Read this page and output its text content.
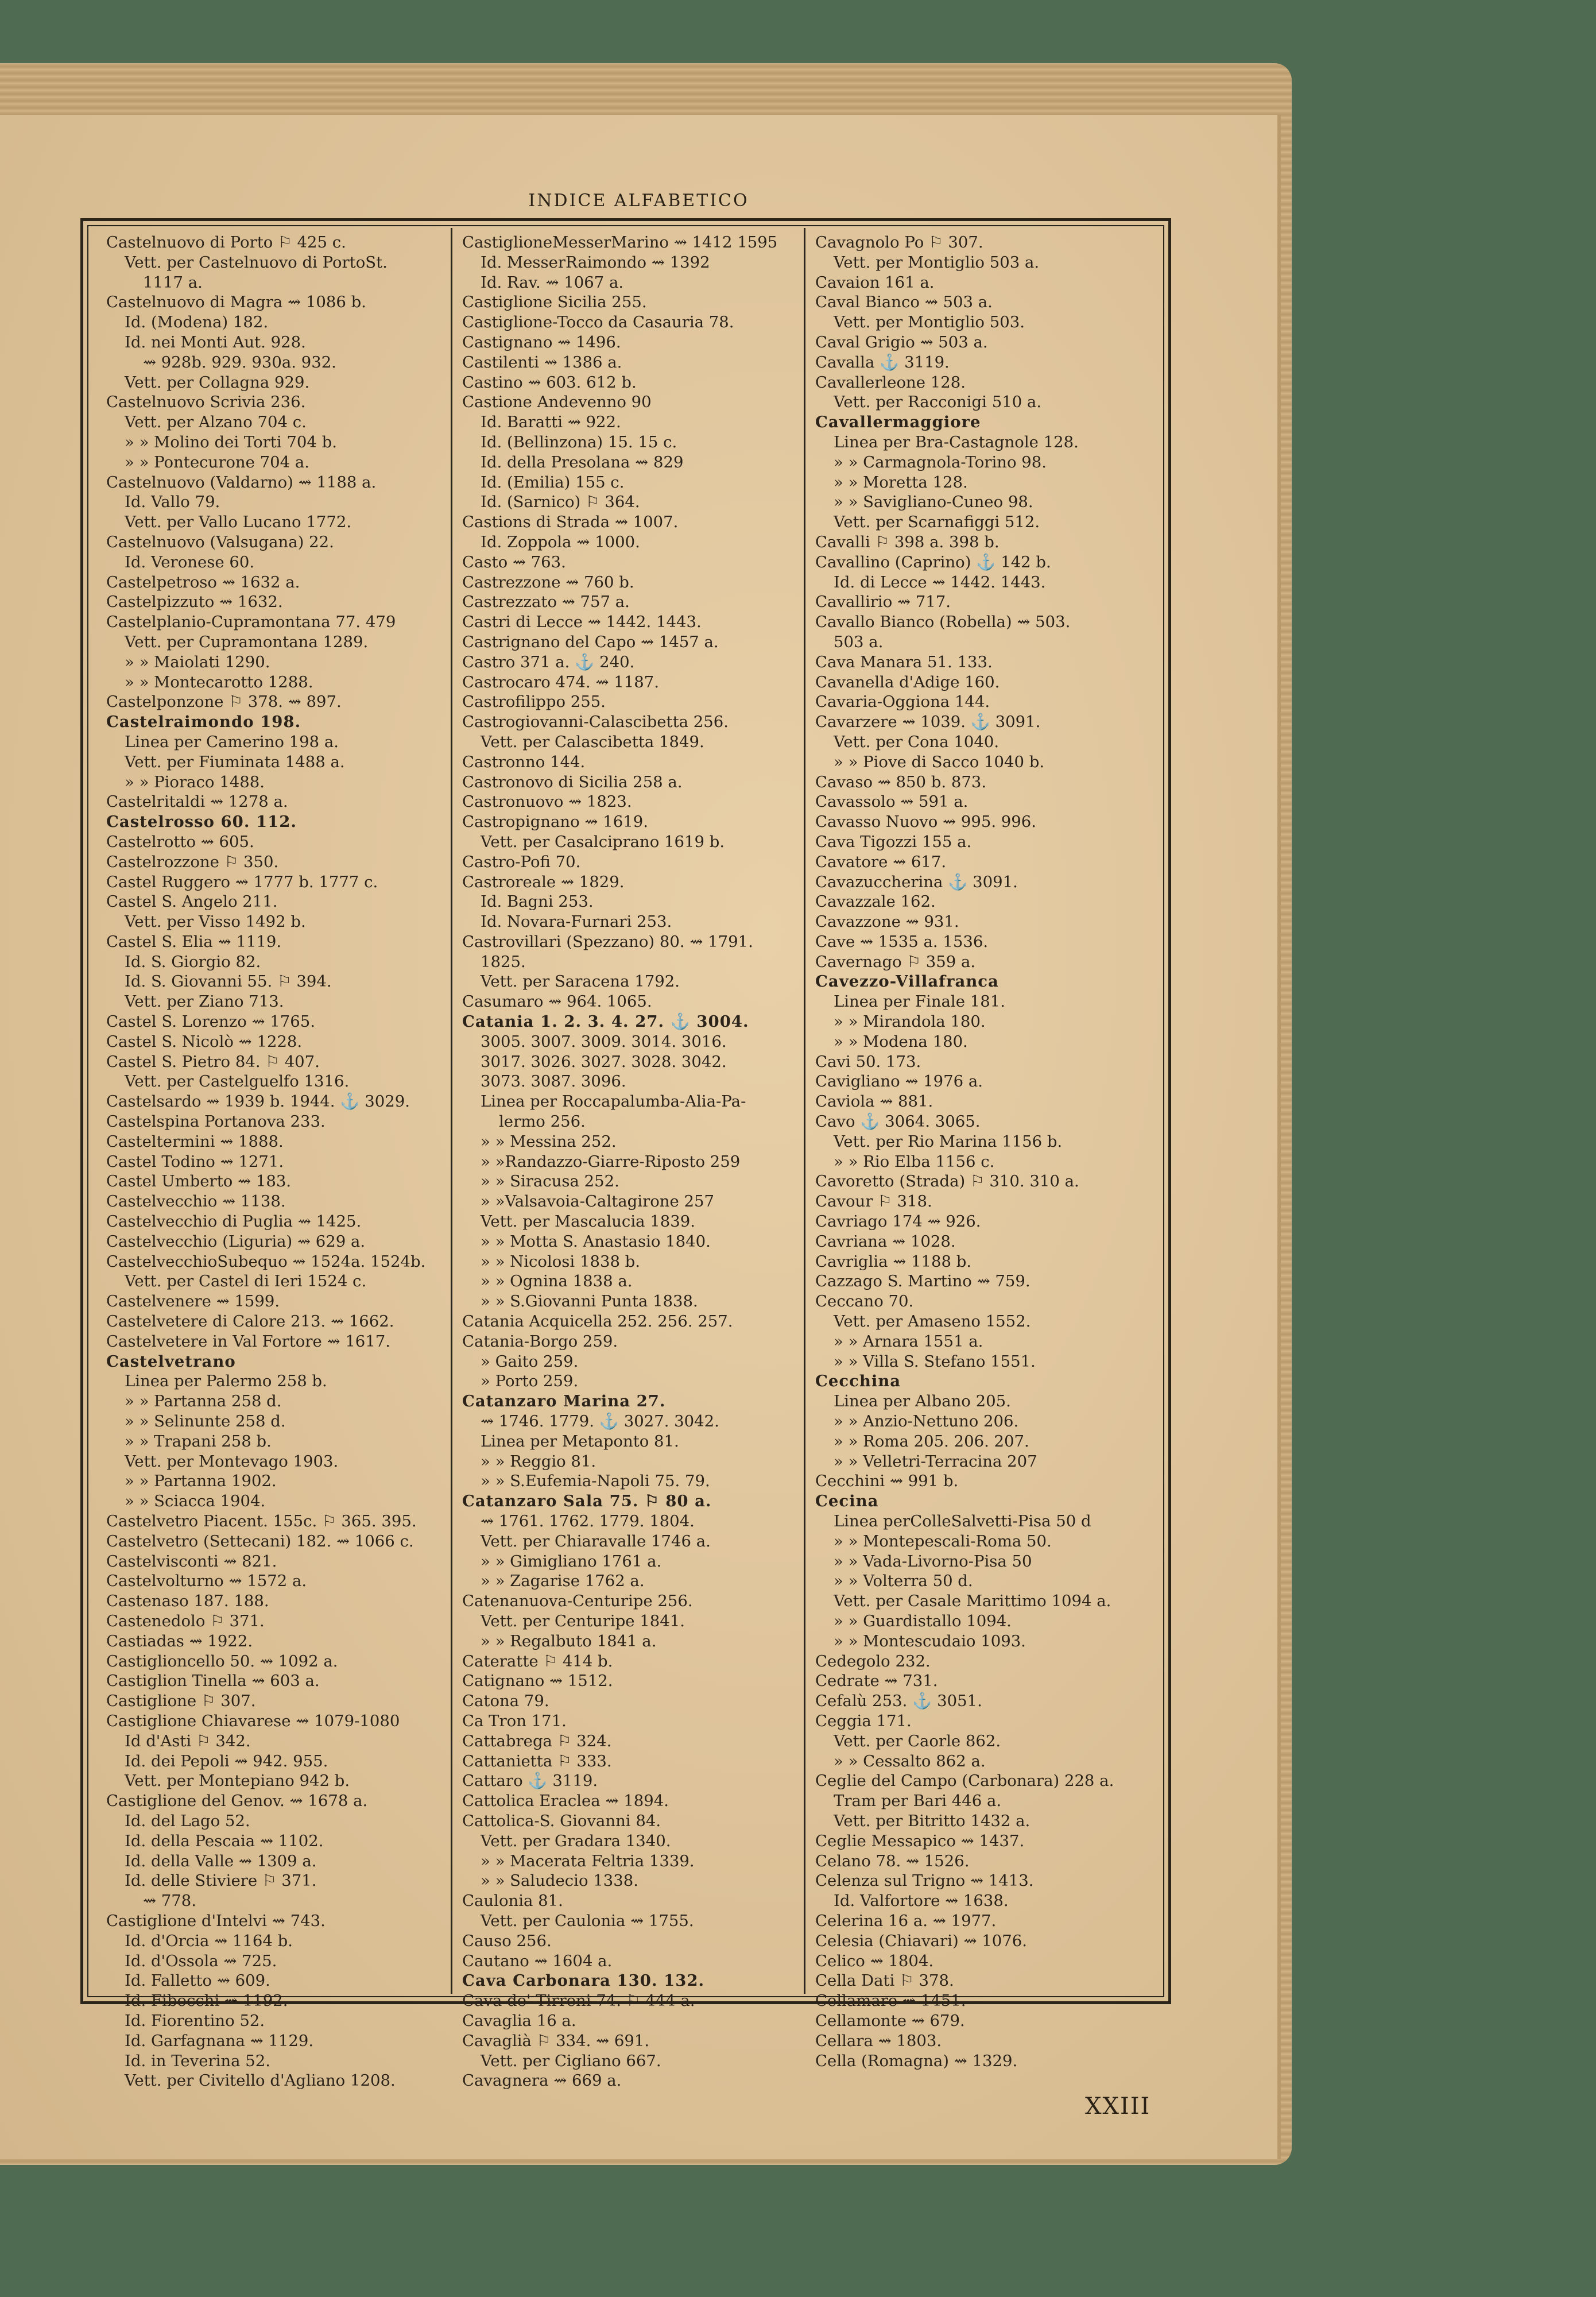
INDICE ALFABETICO
Castelnuovo di Porto ⚐ 425 c.
Vett. per Castelnuovo di PortoSt.
1117 a.
Castelnuovo di Magra ⇝ 1086 b.
Id. (Modena) 182.
Id. nei Monti Aut. 928.
⇝ 928b. 929. 930a. 932.
Vett. per Collagna 929.
Castelnuovo Scrivia 236.
Vett. per Alzano 704 c.
» » Molino dei Torti 704 b.
» » Pontecurone 704 a.
Castelnuovo (Valdarno) ⇝ 1188 a.
Id. Vallo 79.
Vett. per Vallo Lucano 1772.
Castelnuovo (Valsugana) 22.
Id. Veronese 60.
Castelpetroso ⇝ 1632 a.
Castelpizzuto ⇝ 1632.
Castelplanio-Cupramontana 77. 479
Vett. per Cupramontana 1289.
» » Maiolati 1290.
» » Montecarotto 1288.
Castelponzone ⚐ 378. ⇝ 897.
Castelraimondo 198.
Linea per Camerino 198 a.
Vett. per Fiuminata 1488 a.
» » Pioraco 1488.
Castelritaldi ⇝ 1278 a.
Castelrosso 60. 112.
Castelrotto ⇝ 605.
Castelrozzone ⚐ 350.
Castel Ruggero ⇝ 1777 b. 1777 c.
Castel S. Angelo 211.
Vett. per Visso 1492 b.
Castel S. Elia ⇝ 1119.
Id. S. Giorgio 82.
Id. S. Giovanni 55. ⚐ 394.
Vett. per Ziano 713.
Castel S. Lorenzo ⇝ 1765.
Castel S. Nicolò ⇝ 1228.
Castel S. Pietro 84. ⚐ 407.
Vett. per Castelguelfo 1316.
Castelsardo ⇝ 1939 b. 1944. ⚓ 3029.
Castelspina Portanova 233.
Casteltermini ⇝ 1888.
Castel Todino ⇝ 1271.
Castel Umberto ⇝ 183.
Castelvecchio ⇝ 1138.
Castelvecchio di Puglia ⇝ 1425.
Castelvecchio (Liguria) ⇝ 629 a.
CastelvecchioSubequo ⇝ 1524a. 1524b.
Vett. per Castel di Ieri 1524 c.
Castelvenere ⇝ 1599.
Castelvetere di Calore 213. ⇝ 1662.
Castelvetere in Val Fortore ⇝ 1617.
Castelvetrano
Linea per Palermo 258 b.
» » Partanna 258 d.
» » Selinunte 258 d.
» » Trapani 258 b.
Vett. per Montevago 1903.
» » Partanna 1902.
» » Sciacca 1904.
Castelvetro Piacent. 155c. ⚐ 365. 395.
Castelvetro (Settecani) 182. ⇝ 1066 c.
Castelvisconti ⇝ 821.
Castelvolturno ⇝ 1572 a.
Castenaso 187. 188.
Castenedolo ⚐ 371.
Castiadas ⇝ 1922.
Castiglioncello 50. ⇝ 1092 a.
Castiglion Tinella ⇝ 603 a.
Castiglione ⚐ 307.
Castiglione Chiavarese ⇝ 1079-1080
Id d'Asti ⚐ 342.
Id. dei Pepoli ⇝ 942. 955.
Vett. per Montepiano 942 b.
Castiglione del Genov. ⇝ 1678 a.
Id. del Lago 52.
Id. della Pescaia ⇝ 1102.
Id. della Valle ⇝ 1309 a.
Id. delle Stiviere ⚐ 371.
⇝ 778.
Castiglione d'Intelvi ⇝ 743.
Id. d'Orcia ⇝ 1164 b.
Id. d'Ossola ⇝ 725.
Id. Falletto ⇝ 609.
Id. Fibocchi ⇝ 1192.
Id. Fiorentino 52.
Id. Garfagnana ⇝ 1129.
Id. in Teverina 52.
Vett. per Civitello d'Agliano 1208.
CastiglioneMesserMarino ⇝ 1412 1595
Id. MesserRaimondo ⇝ 1392
Id. Rav. ⇝ 1067 a.
Castiglione Sicilia 255.
Castiglione-Tocco da Casauria 78.
Castignano ⇝ 1496.
Castilenti ⇝ 1386 a.
Castino ⇝ 603. 612 b.
Castione Andevenno 90
Id. Baratti ⇝ 922.
Id. (Bellinzona) 15. 15 c.
Id. della Presolana ⇝ 829
Id. (Emilia) 155 c.
Id. (Sarnico) ⚐ 364.
Castions di Strada ⇝ 1007.
Id. Zoppola ⇝ 1000.
Casto ⇝ 763.
Castrezzone ⇝ 760 b.
Castrezzato ⇝ 757 a.
Castri di Lecce ⇝ 1442. 1443.
Castrignano del Capo ⇝ 1457 a.
Castro 371 a. ⚓ 240.
Castrocaro 474. ⇝ 1187.
Castrofilippo 255.
Castrogiovanni-Calascibetta 256.
Vett. per Calascibetta 1849.
Castronno 144.
Castronovo di Sicilia 258 a.
Castronuovo ⇝ 1823.
Castropignano ⇝ 1619.
Vett. per Casalciprano 1619 b.
Castro-Pofi 70.
Castroreale ⇝ 1829.
Id. Bagni 253.
Id. Novara-Furnari 253.
Castrovillari (Spezzano) 80. ⇝ 1791.
1825.
Vett. per Saracena 1792.
Casumaro ⇝ 964. 1065.
Catania 1. 2. 3. 4. 27. ⚓ 3004.
3005. 3007. 3009. 3014. 3016.
3017. 3026. 3027. 3028. 3042.
3073. 3087. 3096.
Linea per Roccapalumba-Alia-Pa-
lermo 256.
» » Messina 252.
» »Randazzo-Giarre-Riposto 259
» » Siracusa 252.
» »Valsavoia-Caltagirone 257
Vett. per Mascalucia 1839.
» » Motta S. Anastasio 1840.
» » Nicolosi 1838 b.
» » Ognina 1838 a.
» » S.Giovanni Punta 1838.
Catania Acquicella 252. 256. 257.
Catania-Borgo 259.
» Gaito 259.
» Porto 259.
Catanzaro Marina 27.
⇝ 1746. 1779. ⚓ 3027. 3042.
Linea per Metaponto 81.
» » Reggio 81.
» » S.Eufemia-Napoli 75. 79.
Catanzaro Sala 75. ⚐ 80 a.
⇝ 1761. 1762. 1779. 1804.
Vett. per Chiaravalle 1746 a.
» » Gimigliano 1761 a.
» » Zagarise 1762 a.
Catenanuova-Centuripe 256.
Vett. per Centuripe 1841.
» » Regalbuto 1841 a.
Cateratte ⚐ 414 b.
Catignano ⇝ 1512.
Catona 79.
Ca Tron 171.
Cattabrega ⚐ 324.
Cattanietta ⚐ 333.
Cattaro ⚓ 3119.
Cattolica Eraclea ⇝ 1894.
Cattolica-S. Giovanni 84.
Vett. per Gradara 1340.
» » Macerata Feltria 1339.
» » Saludecio 1338.
Caulonia 81.
Vett. per Caulonia ⇝ 1755.
Causo 256.
Cautano ⇝ 1604 a.
Cava Carbonara 130. 132.
Cava de' Tirreni 74. ⚐ 444 a.
Cavaglia 16 a.
Cavaglià ⚐ 334. ⇝ 691.
Vett. per Cigliano 667.
Cavagnera ⇝ 669 a.
Cavagnolo Po ⚐ 307.
Vett. per Montiglio 503 a.
Cavaion 161 a.
Caval Bianco ⇝ 503 a.
Vett. per Montiglio 503.
Caval Grigio ⇝ 503 a.
Cavalla ⚓ 3119.
Cavallerleone 128.
Vett. per Racconigi 510 a.
Cavallermaggiore
Linea per Bra-Castagnole 128.
» » Carmagnola-Torino 98.
» » Moretta 128.
» » Savigliano-Cuneo 98.
Vett. per Scarnafiggi 512.
Cavalli ⚐ 398 a. 398 b.
Cavallino (Caprino) ⚓ 142 b.
Id. di Lecce ⇝ 1442. 1443.
Cavallirio ⇝ 717.
Cavallo Bianco (Robella) ⇝ 503.
503 a.
Cava Manara 51. 133.
Cavanella d'Adige 160.
Cavaria-Oggiona 144.
Cavarzere ⇝ 1039. ⚓ 3091.
Vett. per Cona 1040.
» » Piove di Sacco 1040 b.
Cavaso ⇝ 850 b. 873.
Cavassolo ⇝ 591 a.
Cavasso Nuovo ⇝ 995. 996.
Cava Tigozzi 155 a.
Cavatore ⇝ 617.
Cavazuccherina ⚓ 3091.
Cavazzale 162.
Cavazzone ⇝ 931.
Cave ⇝ 1535 a. 1536.
Cavernago ⚐ 359 a.
Cavezzo-Villafranca
Linea per Finale 181.
» » Mirandola 180.
» » Modena 180.
Cavi 50. 173.
Cavigliano ⇝ 1976 a.
Caviola ⇝ 881.
Cavo ⚓ 3064. 3065.
Vett. per Rio Marina 1156 b.
» » Rio Elba 1156 c.
Cavoretto (Strada) ⚐ 310. 310 a.
Cavour ⚐ 318.
Cavriago 174 ⇝ 926.
Cavriana ⇝ 1028.
Cavriglia ⇝ 1188 b.
Cazzago S. Martino ⇝ 759.
Ceccano 70.
Vett. per Amaseno 1552.
» » Arnara 1551 a.
» » Villa S. Stefano 1551.
Cecchina
Linea per Albano 205.
» » Anzio-Nettuno 206.
» » Roma 205. 206. 207.
» » Velletri-Terracina 207
Cecchini ⇝ 991 b.
Cecina
Linea perColleSalvetti-Pisa 50 d
» » Montepescali-Roma 50.
» » Vada-Livorno-Pisa 50
» » Volterra 50 d.
Vett. per Casale Marittimo 1094 a.
» » Guardistallo 1094.
» » Montescudaio 1093.
Cedegolo 232.
Cedrate ⇝ 731.
Cefalù 253. ⚓ 3051.
Ceggia 171.
Vett. per Caorle 862.
» » Cessalto 862 a.
Ceglie del Campo (Carbonara) 228 a.
Tram per Bari 446 a.
Vett. per Bitritto 1432 a.
Ceglie Messapico ⇝ 1437.
Celano 78. ⇝ 1526.
Celenza sul Trigno ⇝ 1413.
Id. Valfortore ⇝ 1638.
Celerina 16 a. ⇝ 1977.
Celesia (Chiavari) ⇝ 1076.
Celico ⇝ 1804.
Cella Dati ⚐ 378.
Cellamare ⇝ 1451.
Cellamonte ⇝ 679.
Cellara ⇝ 1803.
Cella (Romagna) ⇝ 1329.
XXIII
